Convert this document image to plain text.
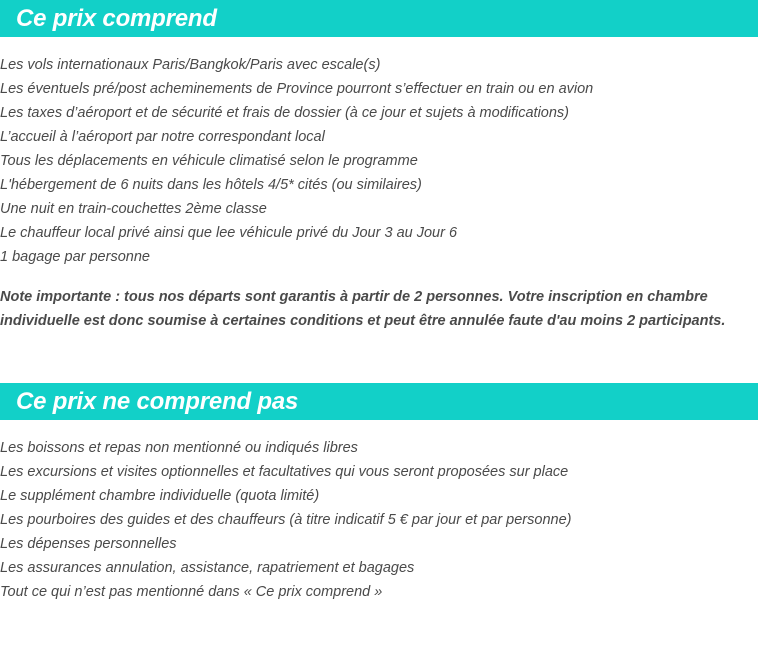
Ce prix comprend
Les vols internationaux Paris/Bangkok/Paris avec escale(s)
Les éventuels pré/post acheminements de Province pourront s’effectuer en train ou en avion
Les taxes d’aéroport et de sécurité et frais de dossier (à ce jour et sujets à modifications)
L’accueil à l’aéroport par notre correspondant local
Tous les déplacements en véhicule climatisé selon le programme
L'hébergement de 6 nuits dans les hôtels 4/5* cités (ou similaires)
Une nuit en train-couchettes 2ème classe
Le chauffeur local privé ainsi que lee véhicule privé du Jour 3 au Jour 6
1 bagage par personne

Note importante : tous nos départs sont garantis à partir de 2 personnes. Votre inscription en chambre individuelle est donc soumise à certaines conditions et peut être annulée faute d'au moins 2 participants.

Ce prix ne comprend pas
Les boissons et repas non mentionné ou indiqués libres
Les excursions et visites optionnelles et facultatives qui vous seront proposées sur place
Le supplément chambre individuelle (quota limité)
Les pourboires des guides et des chauffeurs (à titre indicatif 5 € par jour et par personne)
Les dépenses personnelles
Les assurances annulation, assistance, rapatriement et bagages
Tout ce qui n’est pas mentionné dans « Ce prix comprend »
